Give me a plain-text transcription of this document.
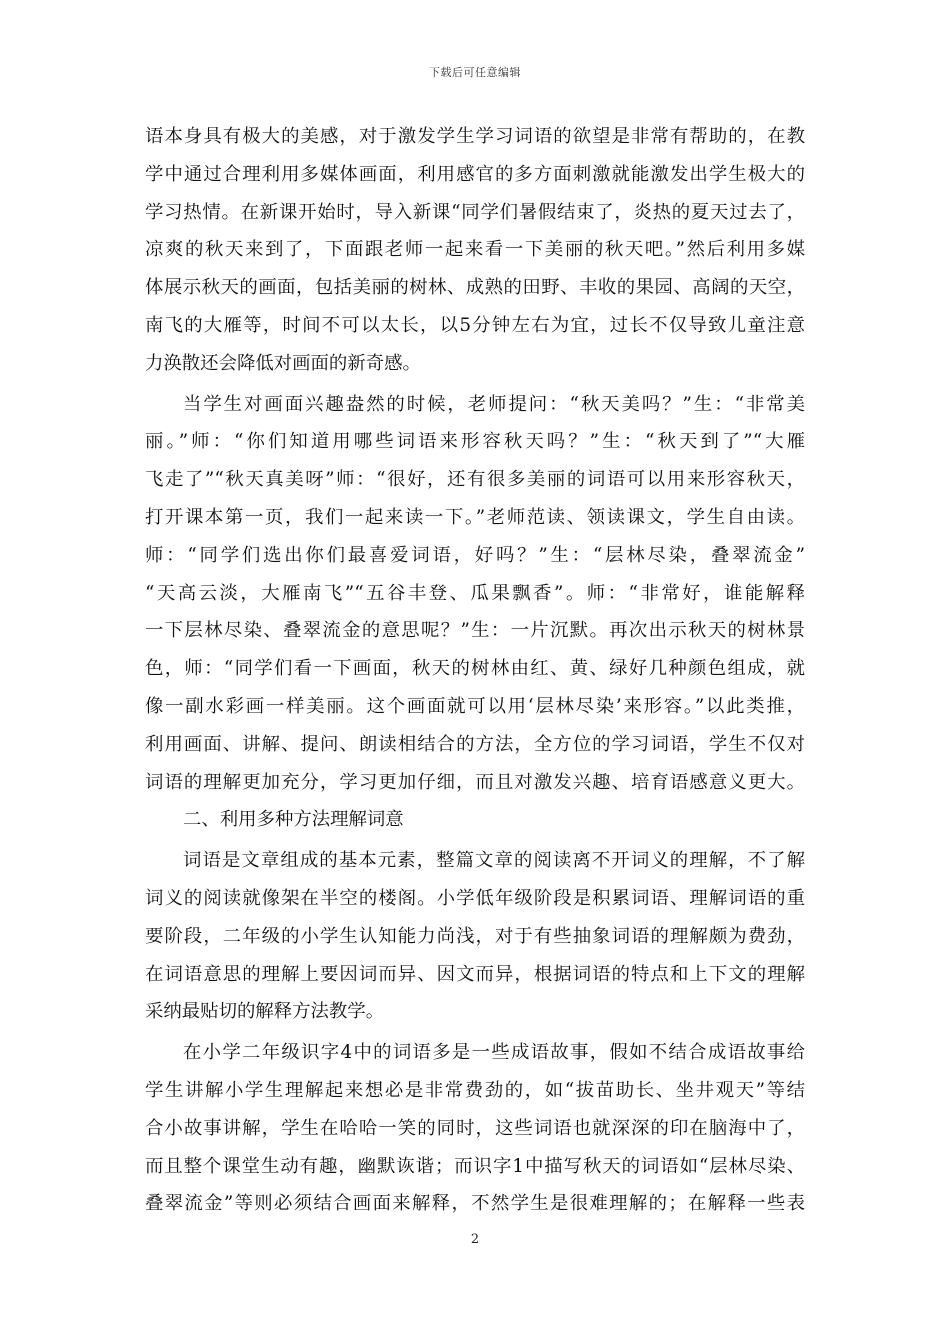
下载后可任意编辑
语本身具有极大的美感，对于激发学生学习词语的欲望是非常有帮助的，在教
学中通过合理利用多媒体画面，利用感官的多方面刺激就能激发出学生极大的
学习热情。在新课开始时，导入新课“同学们暑假结束了，炎热的夏天过去了，
凉爽的秋天来到了，下面跟老师一起来看一下美丽的秋天吧。”然后利用多媒
体展示秋天的画面，包括美丽的树林、成熟的田野、丰收的果园、高阔的天空，
南飞的大雁等，时间不可以太长，以5分钟左右为宜，过长不仅导致儿童注意
力涣散还会降低对画面的新奇感。
当学生对画面兴趣盎然的时候，老师提问：“秋天美吗？”生：“非常美
丽。”师：“你们知道用哪些词语来形容秋天吗？”生：“秋天到了”“大雁
飞走了”“秋天真美呀”师：“很好，还有很多美丽的词语可以用来形容秋天，
打开课本第一页，我们一起来读一下。”老师范读、领读课文，学生自由读。
师：“同学们选出你们最喜爱词语，好吗？”生：“层林尽染，叠翠流金”
“天高云淡，大雁南飞”“五谷丰登、瓜果飘香”。师：“非常好，谁能解释
一下层林尽染、叠翠流金的意思呢？”生：一片沉默。再次出示秋天的树林景
色，师：“同学们看一下画面，秋天的树林由红、黄、绿好几种颜色组成，就
像一副水彩画一样美丽。这个画面就可以用‘层林尽染’来形容。”以此类推，
利用画面、讲解、提问、朗读相结合的方法，全方位的学习词语，学生不仅对
词语的理解更加充分，学习更加仔细，而且对激发兴趣、培育语感意义更大。
二、利用多种方法理解词意
词语是文章组成的基本元素，整篇文章的阅读离不开词义的理解，不了解
词义的阅读就像架在半空的楼阁。小学低年级阶段是积累词语、理解词语的重
要阶段，二年级的小学生认知能力尚浅，对于有些抽象词语的理解颇为费劲，
在词语意思的理解上要因词而异、因文而异，根据词语的特点和上下文的理解
采纳最贴切的解释方法教学。
在小学二年级识字4中的词语多是一些成语故事，假如不结合成语故事给
学生讲解小学生理解起来想必是非常费劲的，如“拔苗助长、坐井观天”等结
合小故事讲解，学生在哈哈一笑的同时，这些词语也就深深的印在脑海中了，
而且整个课堂生动有趣，幽默诙谐；而识字1中描写秋天的词语如“层林尽染、
叠翠流金”等则必须结合画面来解释，不然学生是很难理解的；在解释一些表
2
